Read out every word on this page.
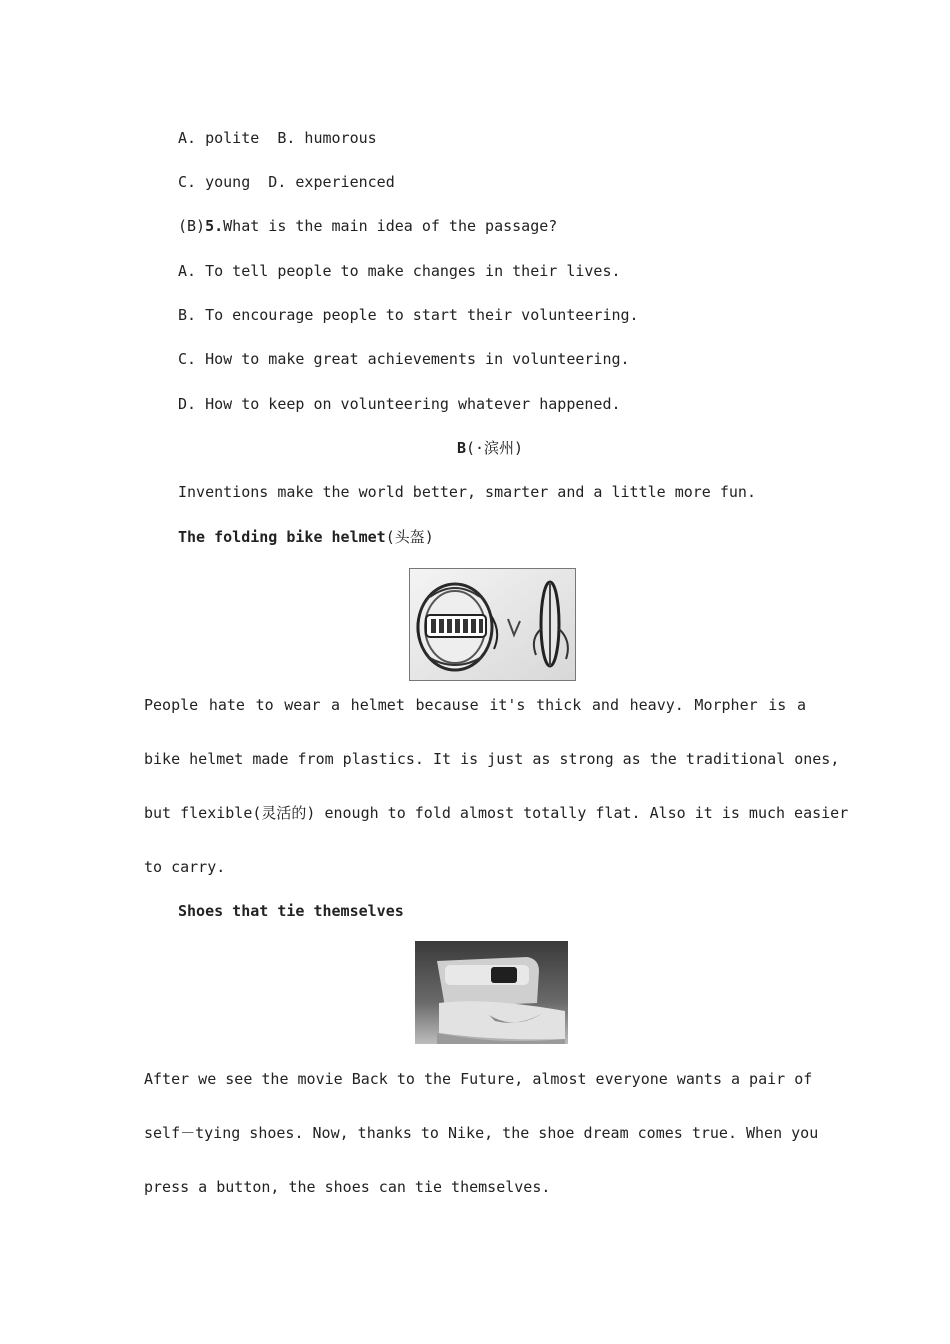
A. polite  B. humorous
C. young  D. experienced
(B)5.What is the main idea of the passage?
A. To tell people to make changes in their lives.
B. To encourage people to start their volunteering.
C. How to make great achievements in volunteering.
D. How to keep on volunteering whatever happened.
B(·滨州)
Inventions make the world better, smarter and a little more fun.
The folding bike helmet(头盔)
People hate to wear a helmet because it's thick and heavy. Morpher is a
bike helmet made from plastics. It is just as strong as the traditional ones,
but flexible(灵活的) enough to fold almost totally flat. Also it is much easier
to carry.
Shoes that tie themselves
After we see the movie Back to the Future, almost everyone wants a pair of
self－tying shoes. Now, thanks to Nike, the shoe dream comes true. When you
press a button, the shoes can tie themselves.
